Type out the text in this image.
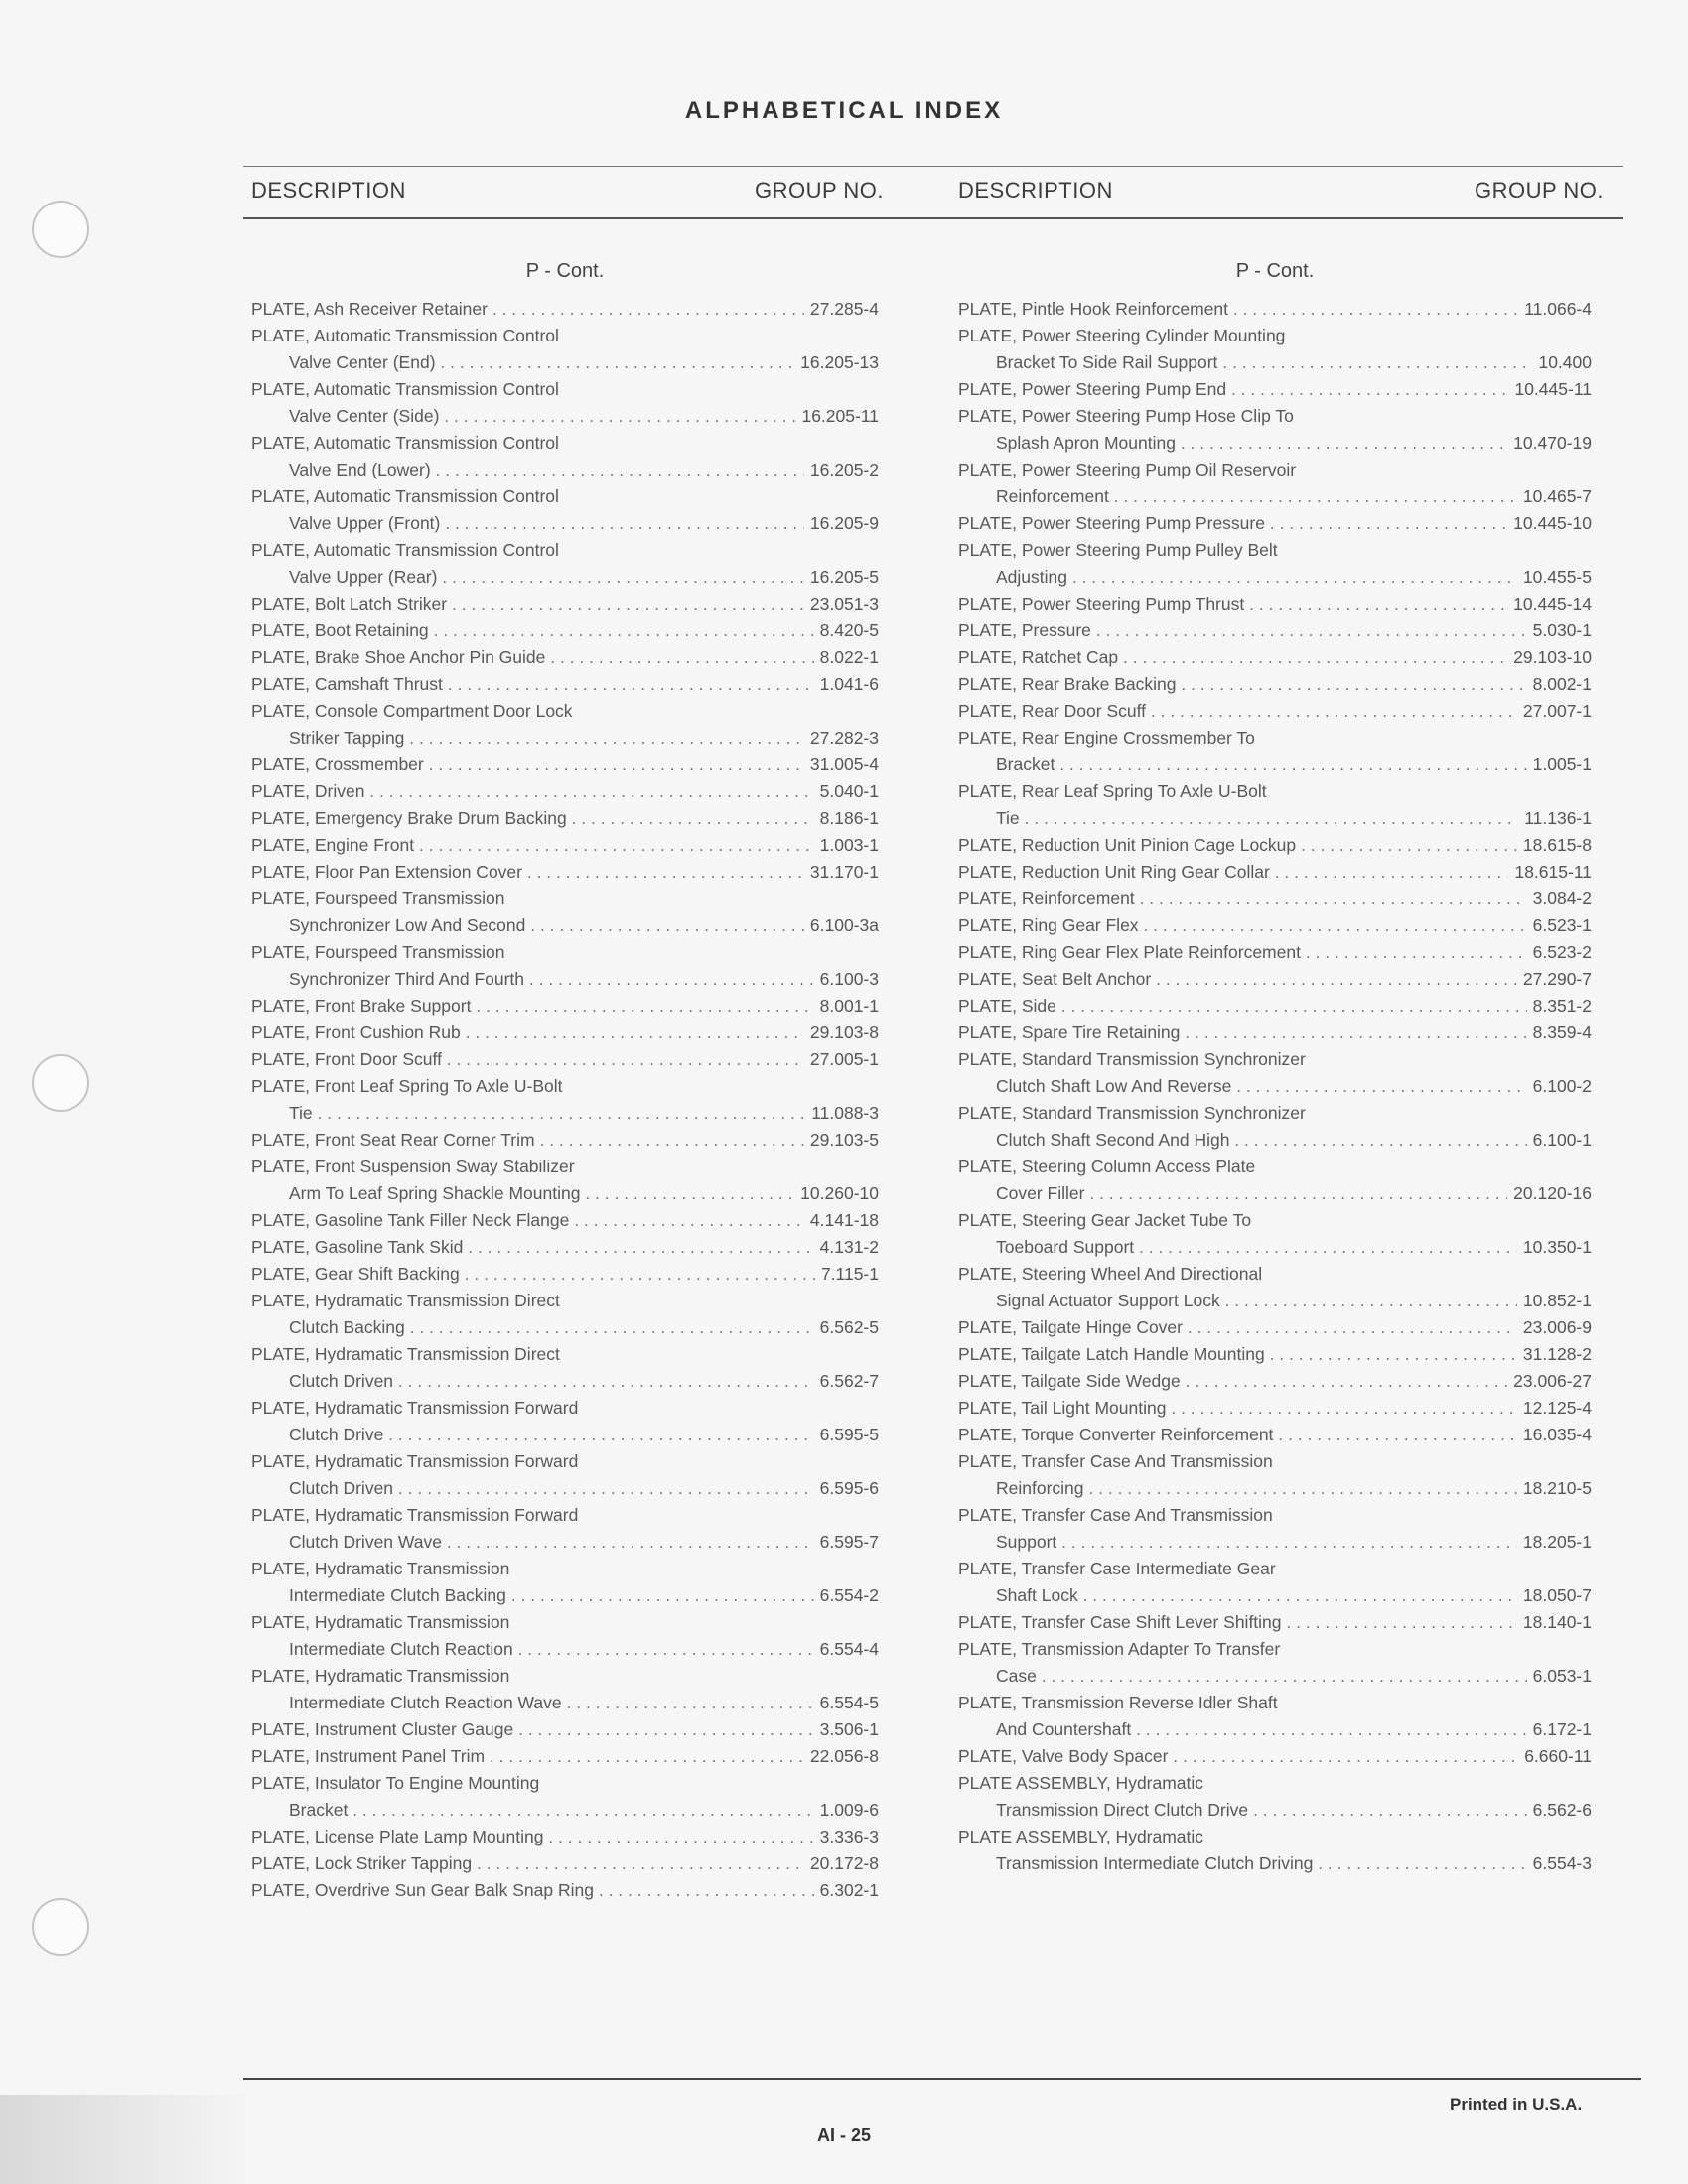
ALPHABETICAL INDEX
DESCRIPTION	GROUP NO.	DESCRIPTION	GROUP NO.
P - Cont.
PLATE, Ash Receiver Retainer . . .	27.285-4
PLATE, Automatic Transmission Control
Valve Center (End) . . .	16.205-13
PLATE, Automatic Transmission Control
Valve Center (Side) . . .	16.205-11
PLATE, Automatic Transmission Control
Valve End (Lower) . . .	16.205-2
PLATE, Automatic Transmission Control
Valve Upper (Front) . . .	16.205-9
PLATE, Automatic Transmission Control
Valve Upper (Rear) . . .	16.205-5
PLATE, Bolt Latch Striker . . .	23.051-3
PLATE, Boot Retaining . . .	8.420-5
PLATE, Brake Shoe Anchor Pin Guide . . .	8.022-1
PLATE, Camshaft Thrust . . .	1.041-6
PLATE, Console Compartment Door Lock
Striker Tapping . . .	27.282-3
PLATE, Crossmember . . .	31.005-4
PLATE, Driven . . .	5.040-1
PLATE, Emergency Brake Drum Backing . . .	8.186-1
PLATE, Engine Front . . .	1.003-1
PLATE, Floor Pan Extension Cover . . .	31.170-1
PLATE, Fourspeed Transmission
Synchronizer Low And Second . . .	6.100-3a
PLATE, Fourspeed Transmission
Synchronizer Third And Fourth . . .	6.100-3
PLATE, Front Brake Support . . .	8.001-1
PLATE, Front Cushion Rub . . .	29.103-8
PLATE, Front Door Scuff . . .	27.005-1
PLATE, Front Leaf Spring To Axle U-Bolt
Tie . . .	11.088-3
PLATE, Front Seat Rear Corner Trim . . .	29.103-5
PLATE, Front Suspension Sway Stabilizer
Arm To Leaf Spring Shackle Mounting . . .	10.260-10
PLATE, Gasoline Tank Filler Neck Flange . . .	4.141-18
PLATE, Gasoline Tank Skid . . .	4.131-2
PLATE, Gear Shift Backing . . .	7.115-1
PLATE, Hydramatic Transmission Direct
Clutch Backing . . .	6.562-5
PLATE, Hydramatic Transmission Direct
Clutch Driven . . .	6.562-7
PLATE, Hydramatic Transmission Forward
Clutch Drive . . .	6.595-5
PLATE, Hydramatic Transmission Forward
Clutch Driven . . .	6.595-6
PLATE, Hydramatic Transmission Forward
Clutch Driven Wave . . .	6.595-7
PLATE, Hydramatic Transmission
Intermediate Clutch Backing . . .	6.554-2
PLATE, Hydramatic Transmission
Intermediate Clutch Reaction . . .	6.554-4
PLATE, Hydramatic Transmission
Intermediate Clutch Reaction Wave . . .	6.554-5
PLATE, Instrument Cluster Gauge . . .	3.506-1
PLATE, Instrument Panel Trim . . .	22.056-8
PLATE, Insulator To Engine Mounting
Bracket . . .	1.009-6
PLATE, License Plate Lamp Mounting . . .	3.336-3
PLATE, Lock Striker Tapping . . .	20.172-8
PLATE, Overdrive Sun Gear Balk Snap Ring . . .	6.302-1
P - Cont.
PLATE, Pintle Hook Reinforcement . . .	11.066-4
PLATE, Power Steering Cylinder Mounting
Bracket To Side Rail Support . . .	10.400
PLATE, Power Steering Pump End . . .	10.445-11
PLATE, Power Steering Pump Hose Clip To
Splash Apron Mounting . . .	10.470-19
PLATE, Power Steering Pump Oil Reservoir
Reinforcement . . .	10.465-7
PLATE, Power Steering Pump Pressure . . .	10.445-10
PLATE, Power Steering Pump Pulley Belt
Adjusting . . .	10.455-5
PLATE, Power Steering Pump Thrust . . .	10.445-14
PLATE, Pressure . . .	5.030-1
PLATE, Ratchet Cap . . .	29.103-10
PLATE, Rear Brake Backing . . .	8.002-1
PLATE, Rear Door Scuff . . .	27.007-1
PLATE, Rear Engine Crossmember To
Bracket . . .	1.005-1
PLATE, Rear Leaf Spring To Axle U-Bolt
Tie . . .	11.136-1
PLATE, Reduction Unit Pinion Cage Lockup . . .	18.615-8
PLATE, Reduction Unit Ring Gear Collar . . .	18.615-11
PLATE, Reinforcement . . .	3.084-2
PLATE, Ring Gear Flex . . .	6.523-1
PLATE, Ring Gear Flex Plate Reinforcement . . .	6.523-2
PLATE, Seat Belt Anchor . . .	27.290-7
PLATE, Side . . .	8.351-2
PLATE, Spare Tire Retaining . . .	8.359-4
PLATE, Standard Transmission Synchronizer
Clutch Shaft Low And Reverse . . .	6.100-2
PLATE, Standard Transmission Synchronizer
Clutch Shaft Second And High . . .	6.100-1
PLATE, Steering Column Access Plate
Cover Filler . . .	20.120-16
PLATE, Steering Gear Jacket Tube To
Toeboard Support . . .	10.350-1
PLATE, Steering Wheel And Directional
Signal Actuator Support Lock . . .	10.852-1
PLATE, Tailgate Hinge Cover . . .	23.006-9
PLATE, Tailgate Latch Handle Mounting . . .	31.128-2
PLATE, Tailgate Side Wedge . . .	23.006-27
PLATE, Tail Light Mounting . . .	12.125-4
PLATE, Torque Converter Reinforcement . . .	16.035-4
PLATE, Transfer Case And Transmission
Reinforcing . . .	18.210-5
PLATE, Transfer Case And Transmission
Support . . .	18.205-1
PLATE, Transfer Case Intermediate Gear
Shaft Lock . . .	18.050-7
PLATE, Transfer Case Shift Lever Shifting . . .	18.140-1
PLATE, Transmission Adapter To Transfer
Case . . .	6.053-1
PLATE, Transmission Reverse Idler Shaft
And Countershaft . . .	6.172-1
PLATE, Valve Body Spacer . . .	6.660-11
PLATE ASSEMBLY, Hydramatic
Transmission Direct Clutch Drive . . .	6.562-6
PLATE ASSEMBLY, Hydramatic
Transmission Intermediate Clutch Driving . . .	6.554-3
Printed in U.S.A.
AI - 25
